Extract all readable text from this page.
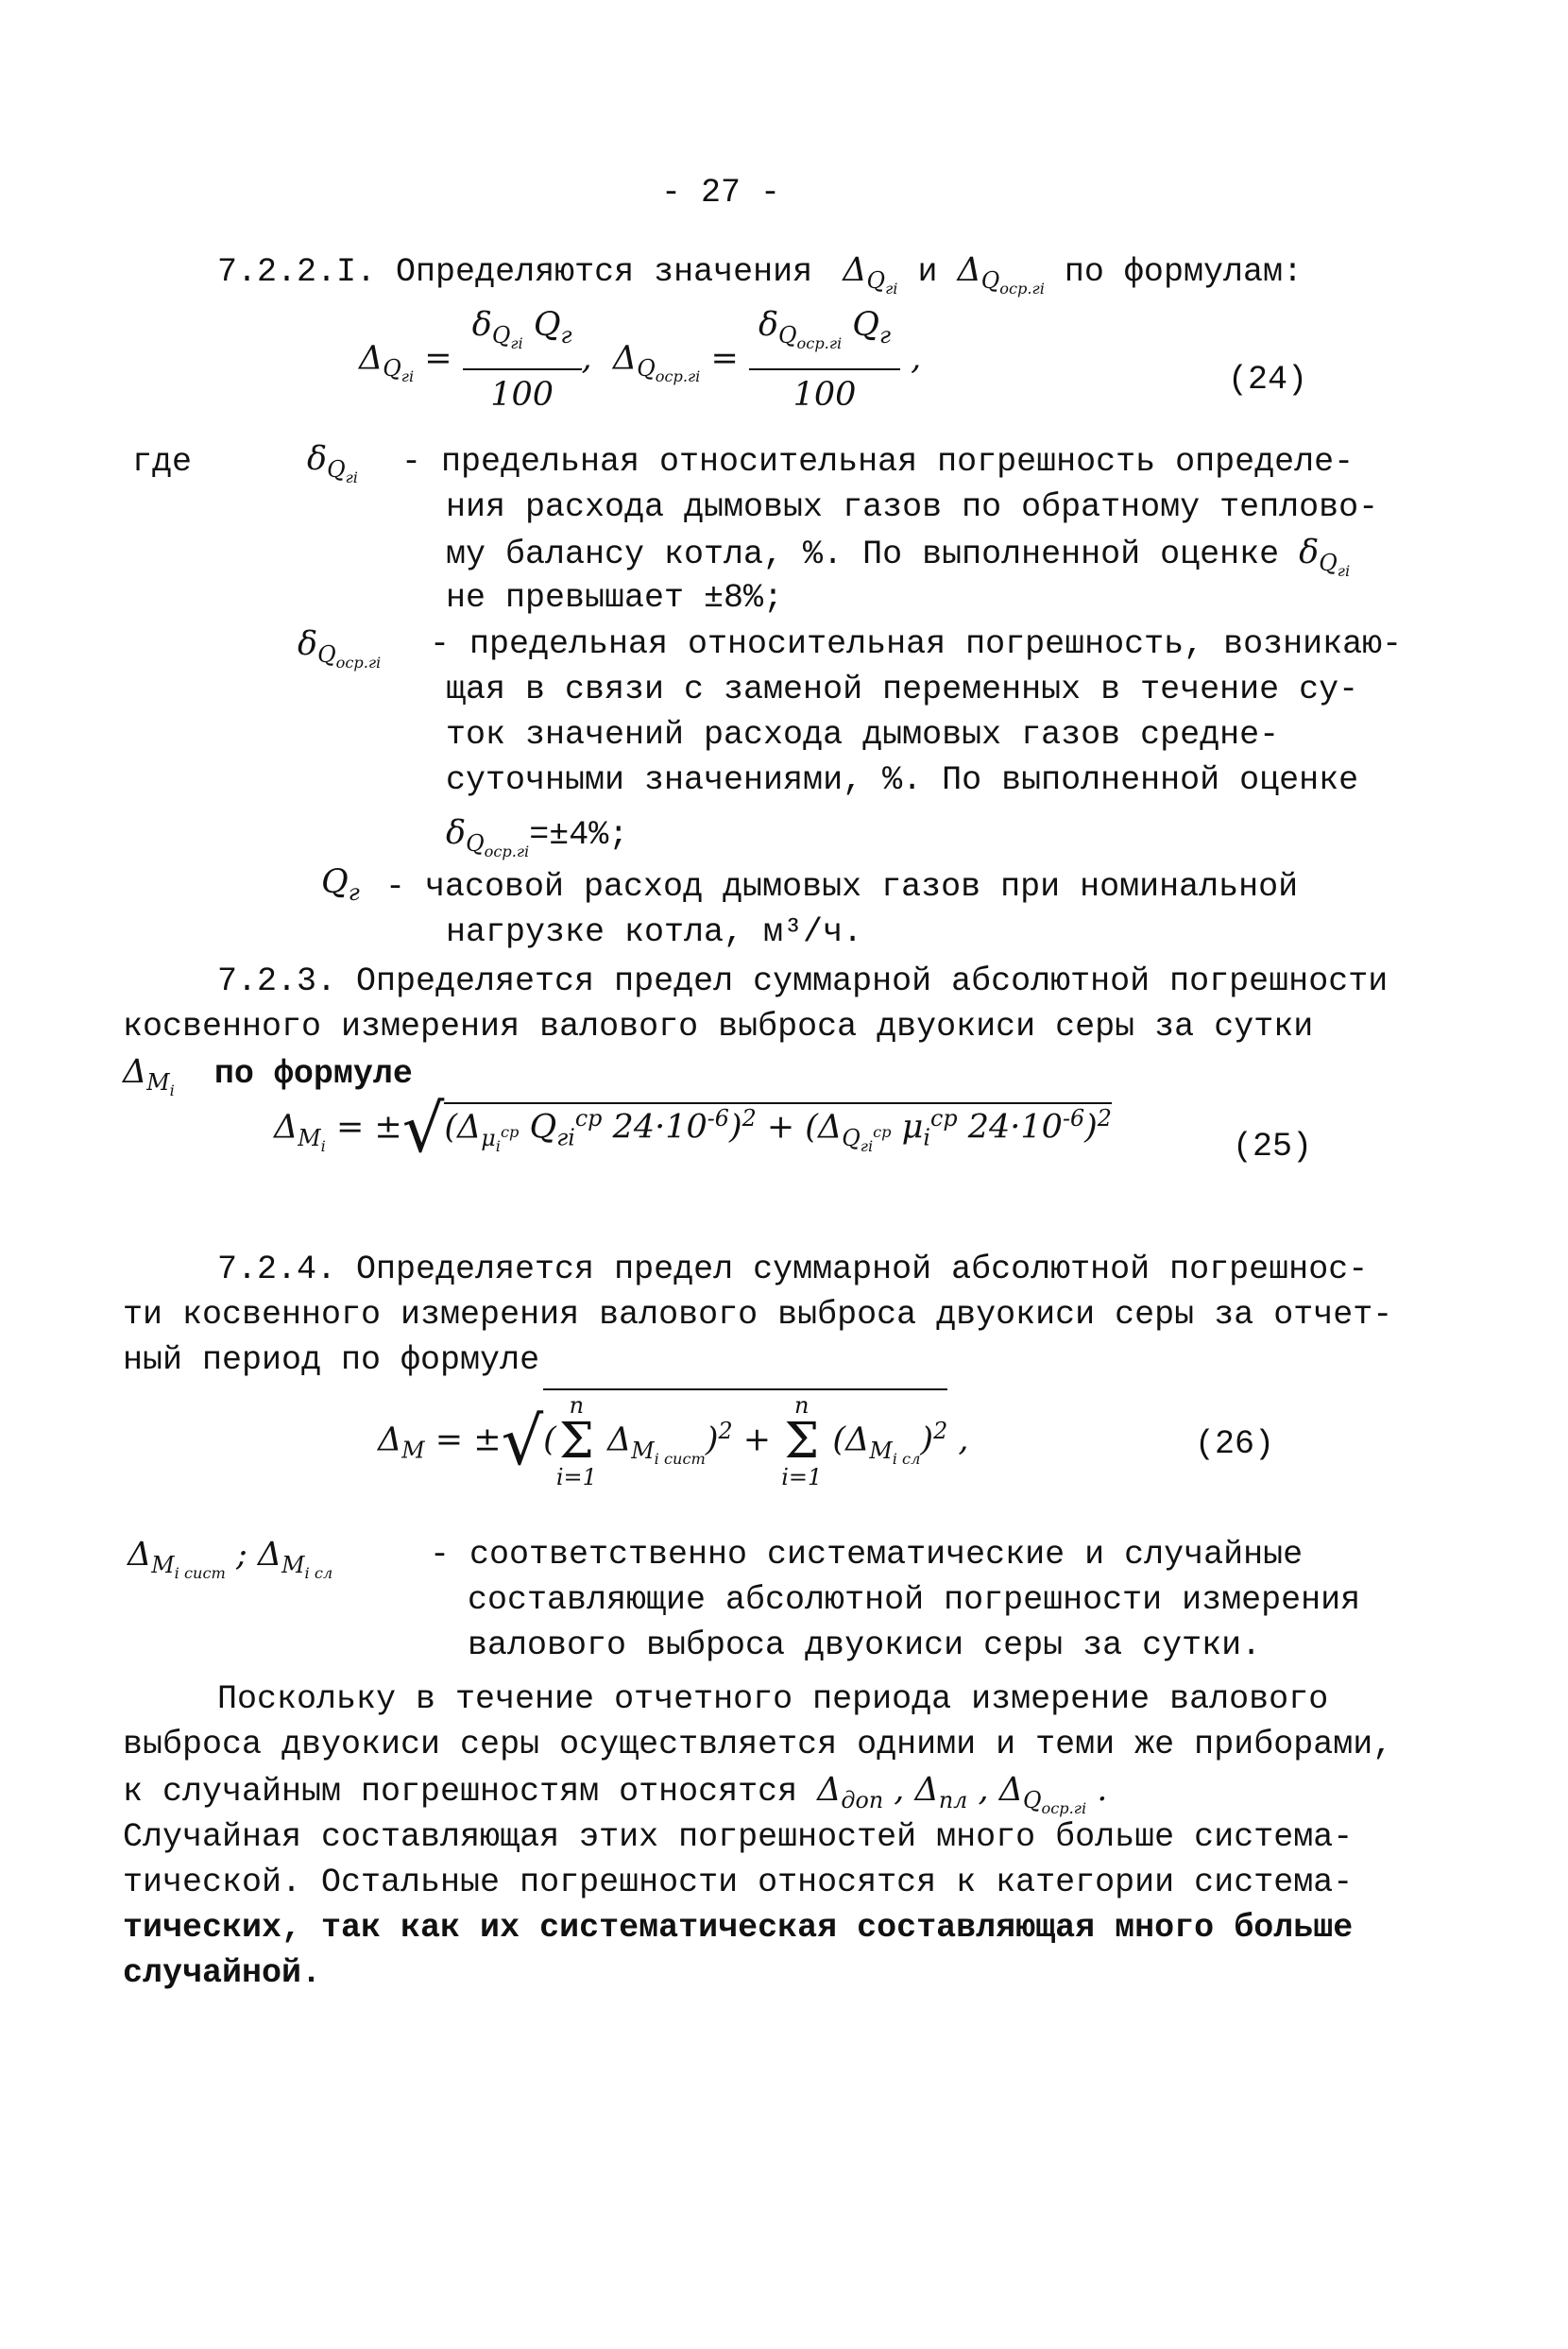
- 27 -
7.2.2.I. Определяются значения  $\Delta_{Q_{гi}}$ и $\Delta_{Q_{оср.гi}}$ по формулам:
$\Delta_{Q_{гi}} = \frac{\delta_{Q_{гi}} Q_г}{100}$ ,  $\Delta_{Q_{оср.гi}} = \frac{\delta_{Q_{оср.гi}} Q_г}{100}$ ,
(24)
где	$\delta_{Q_{гi}}$ - предельная относительная погрешность определе-
ния расхода дымовых газов по обратному теплово-
му балансу котла, %. По выполненной оценке $\delta_{Q_{гi}}$
не превышает ±8%;
$\delta_{Q_{оср.гi}}$ - предельная относительная погрешность, возникаю-
щая в связи с заменой переменных в течение су-
ток значений расхода дымовых газов средне-
суточными значениями, %. По выполненной оценке
$\delta_{Q_{оср.гi}}=\pm 4\%$;
$Q_г$ - часовой расход дымовых газов при номинальной
нагрузке котла, м³/ч.
7.2.3. Определяется предел суммарной абсолютной погрешности
косвенного измерения валового выброса двуокиси серы за сутки
$\Delta_{M_i}$ по формуле
$\Delta_{M_i} = \pm√(\Delta_{\mu_i^{ср}}$ $Q_{гi}^{ср}$ $24\cdot 10^{-6})^2 + (\Delta_{Q_{гi}^{ср}}$ $\mu_i^{ср}$ $24\cdot 10^{-6})^2$
(25)
7.2.4. Определяется предел суммарной абсолютной погрешнос-
ти косвенного измерения валового выброса двуокиси серы за отчет-
ный период по формуле
$\Delta_M$ = ±√(
n
Σ
i=1
$\Delta_{M_{i сист}})^2$ +
n
Σ
i=1
$(\Delta_{M_{i сл}})^2$ ,	(26)
$\Delta_{M_{i сист}}$ ; $\Delta_{M_{i сл}}$	- соответственно систематические и случайные
составляющие абсолютной погрешности измерения
валового выброса двуокиси серы за сутки.
Поскольку в течение отчетного периода измерение валового
выброса двуокиси серы осуществляется одними и теми же приборами,
к случайным погрешностям относятся $\Delta_{доп}$ , $\Delta_{пл}$ , $\Delta_{Q_{оср.гi}}$ .
Случайная составляющая этих погрешностей много больше система-
тической. Остальные погрешности относятся к категории система-
тических, так как их систематическая составляющая много больше
случайной.
